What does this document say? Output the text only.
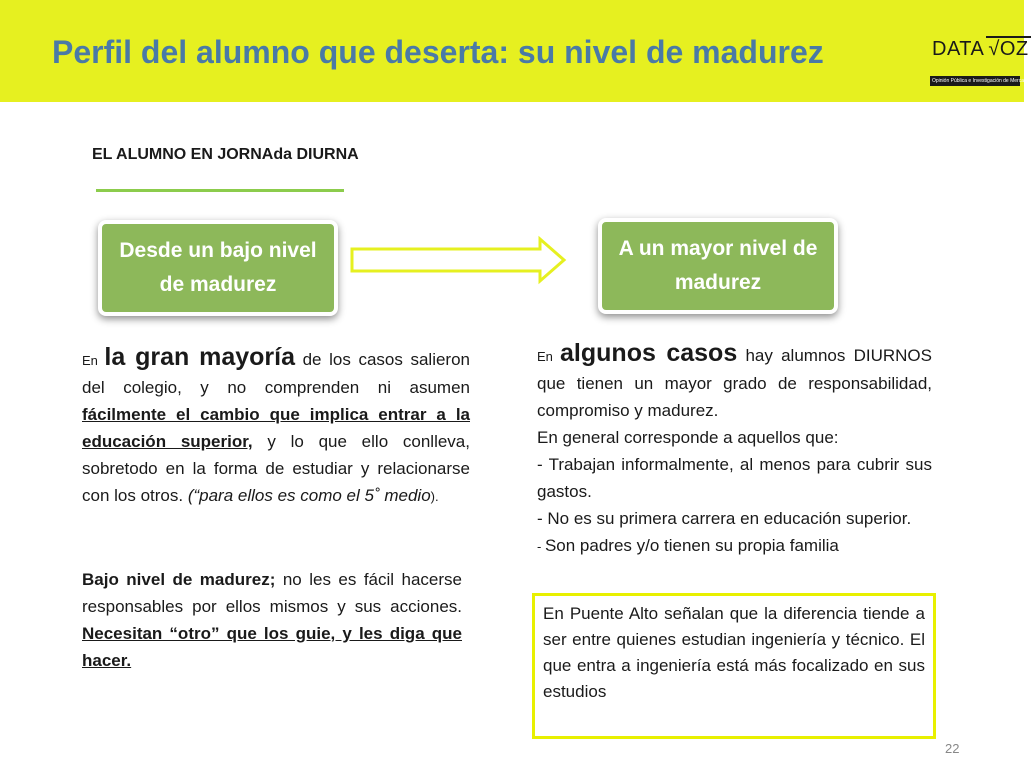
Perfil del alumno que deserta: su nivel de madurez	DATA √OZ
Opinión Pública e Investigación de Mercado
EL ALUMNO EN JORNAda DIURNA
Desde un bajo nivel de madurez
A un mayor nivel de madurez
En la gran mayoría de los casos salieron del colegio, y no comprenden ni asumen fácilmente el cambio que implica entrar a la educación superior, y lo que ello conlleva, sobretodo en la forma de estudiar y relacionarse con los otros. (“para ellos es como el 5˚ medio).
Bajo nivel de madurez; no les es fácil hacerse responsables por ellos mismos y sus acciones. Necesitan “otro” que los guie, y les diga que hacer.
En algunos casos hay alumnos DIURNOS que tienen un mayor grado de responsabilidad, compromiso y madurez.
En general corresponde a aquellos que:
- Trabajan informalmente, al menos para cubrir sus gastos.
- No es su primera carrera en educación superior.
- Son padres y/o tienen su propia familia
En Puente Alto señalan que la diferencia tiende a ser entre quienes estudian ingeniería y técnico. El que entra a ingeniería está más focalizado en sus estudios
22
